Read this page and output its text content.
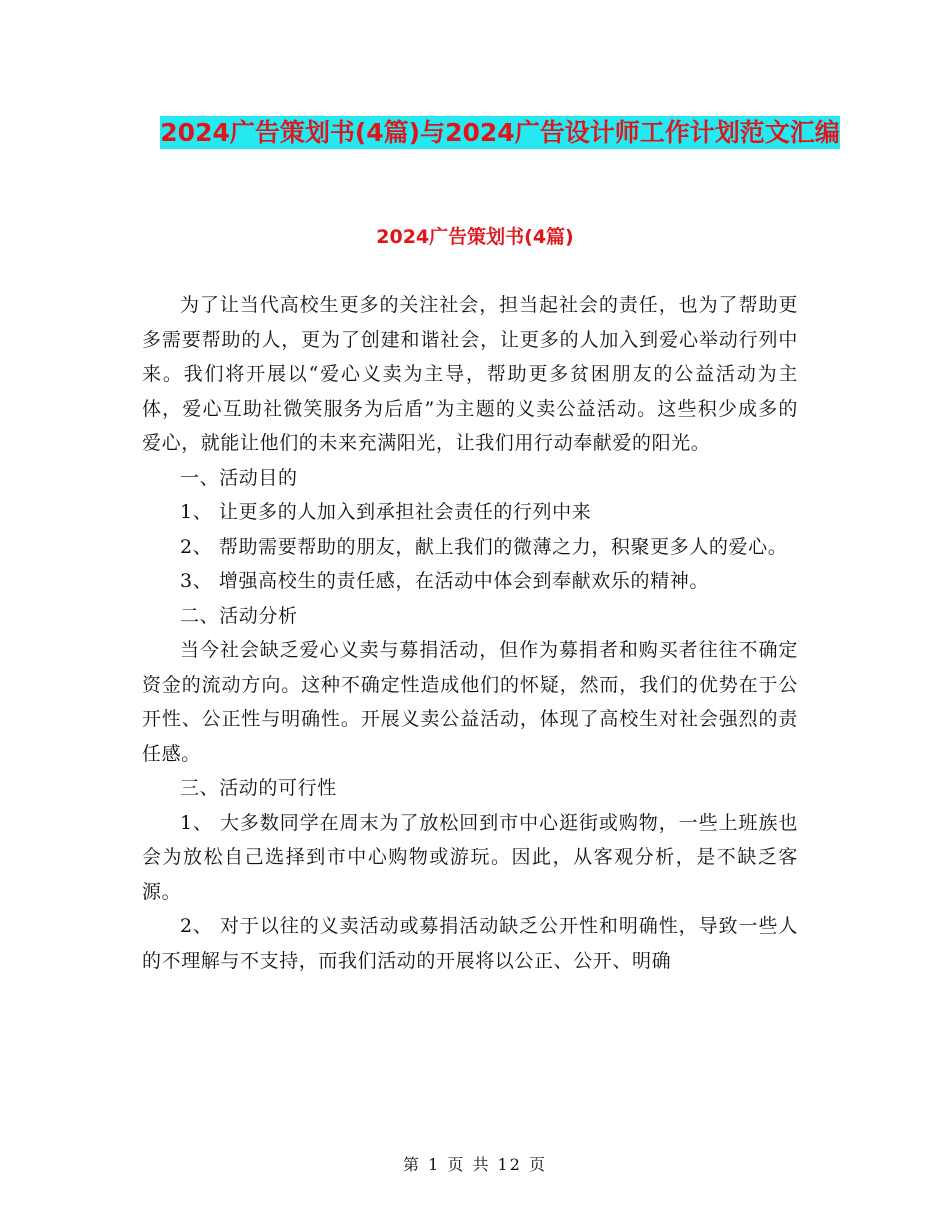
2024广告策划书(4篇)与2024广告设计师工作计划范文汇编
2024广告策划书(4篇)

为了让当代高校生更多的关注社会，担当起社会的责任，也为了帮助更多需要帮助的人，更为了创建和谐社会，让更多的人加入到爱心举动行列中来。我们将开展以“爱心义卖为主导，帮助更多贫困朋友的公益活动为主体，爱心互助社微笑服务为后盾”为主题的义卖公益活动。这些积少成多的爱心，就能让他们的未来充满阳光，让我们用行动奉献爱的阳光。

一、活动目的

1、 让更多的人加入到承担社会责任的行列中来

2、 帮助需要帮助的朋友，献上我们的微薄之力，积聚更多人的爱心。

3、 增强高校生的责任感，在活动中体会到奉献欢乐的精神。

二、活动分析

当今社会缺乏爱心义卖与募捐活动，但作为募捐者和购买者往往不确定资金的流动方向。这种不确定性造成他们的怀疑，然而，我们的优势在于公开性、公正性与明确性。开展义卖公益活动，体现了高校生对社会强烈的责任感。

三、活动的可行性

1、 大多数同学在周末为了放松回到市中心逛街或购物，一些上班族也会为放松自己选择到市中心购物或游玩。因此，从客观分析，是不缺乏客源。

2、 对于以往的义卖活动或募捐活动缺乏公开性和明确性，导致一些人的不理解与不支持，而我们活动的开展将以公正、公开、明确

第 1 页 共 12 页
